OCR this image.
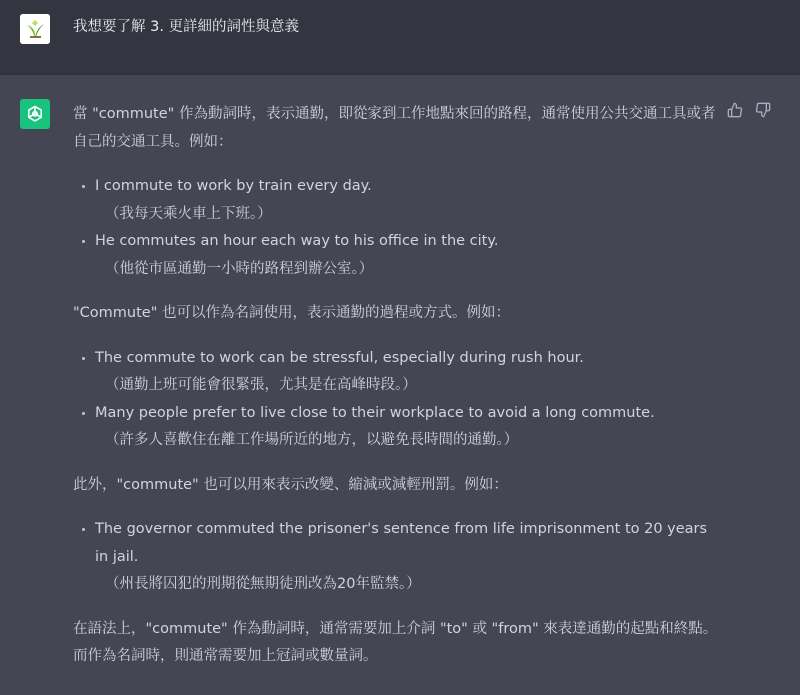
我想要了解 3. 更詳細的詞性與意義

當 "commute" 作為動詞時，表示通勤，即從家到工作地點來回的路程，通常使用公共交通工具或者自己的交通工具。例如：

I commute to work by train every day.
（我每天乘火車上下班。）
He commutes an hour each way to his office in the city.
（他從市區通勤一小時的路程到辦公室。）

"Commute" 也可以作為名詞使用，表示通勤的過程或方式。例如：

The commute to work can be stressful, especially during rush hour.
（通勤上班可能會很緊張，尤其是在高峰時段。）
Many people prefer to live close to their workplace to avoid a long commute.
（許多人喜歡住在離工作場所近的地方，以避免長時間的通勤。）

此外，"commute" 也可以用來表示改變、縮減或減輕刑罰。例如：

The governor commuted the prisoner's sentence from life imprisonment to 20 years in jail.
（州長將囚犯的刑期從無期徒刑改為20年監禁。）

在語法上，"commute" 作為動詞時，通常需要加上介詞 "to" 或 "from" 來表達通勤的起點和終點。而作為名詞時，則通常需要加上冠詞或數量詞。
